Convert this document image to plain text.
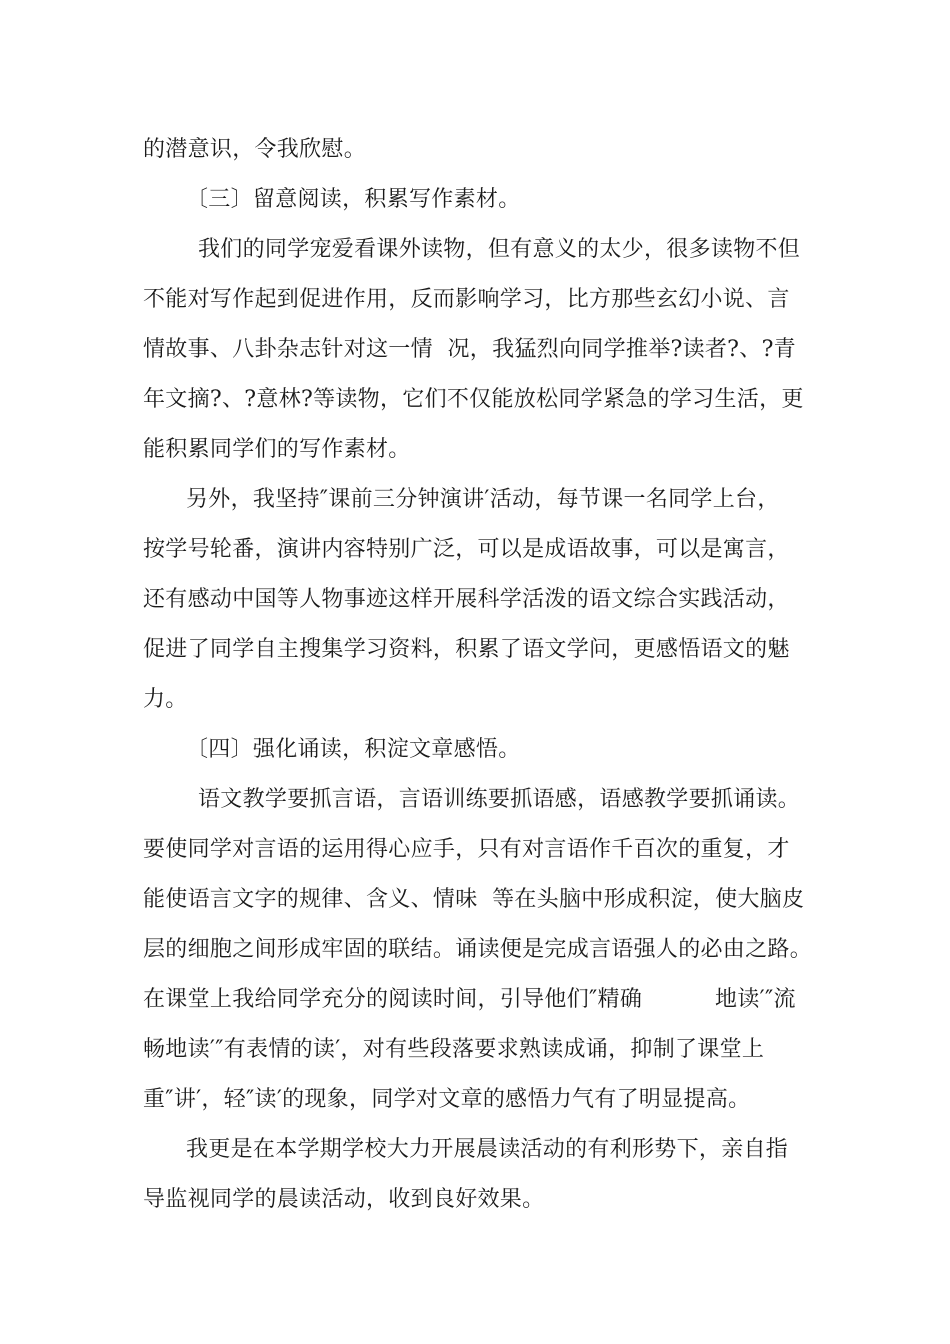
的潜意识，令我欣慰。
〔三〕留意阅读，积累写作素材。
我们的同学宠爱看课外读物，但有意义的太少，很多读物不但
不能对写作起到促进作用，反而影响学习，比方那些玄幻小说、言
情故事、八卦杂志针对这一情  况，我猛烈向同学推举?读者?、?青
年文摘?、?意林?等读物，它们不仅能放松同学紧急的学习生活，更
能积累同学们的写作素材。
另外，我坚持″课前三分钟演讲′活动，每节课一名同学上台，
按学号轮番，演讲内容特别广泛，可以是成语故事，可以是寓言，
还有感动中国等人物事迹这样开展科学活泼的语文综合实践活动，
促进了同学自主搜集学习资料，积累了语文学问，更感悟语文的魅
力。
〔四〕强化诵读，积淀文章感悟。
语文教学要抓言语，言语训练要抓语感，语感教学要抓诵读。
要使同学对言语的运用得心应手，只有对言语作千百次的重复，才
能使语言文字的规律、含义、情味  等在头脑中形成积淀，使大脑皮
层的细胞之间形成牢固的联结。诵读便是完成言语强人的必由之路。
在课堂上我给同学充分的阅读时间，引导他们″精确          地读′″流
畅地读′″有表情的读′，对有些段落要求熟读成诵，抑制了课堂上
重″讲′，轻″读′的现象，同学对文章的感悟力气有了明显提高。
我更是在本学期学校大力开展晨读活动的有利形势下，亲自指
导监视同学的晨读活动，收到良好效果。
